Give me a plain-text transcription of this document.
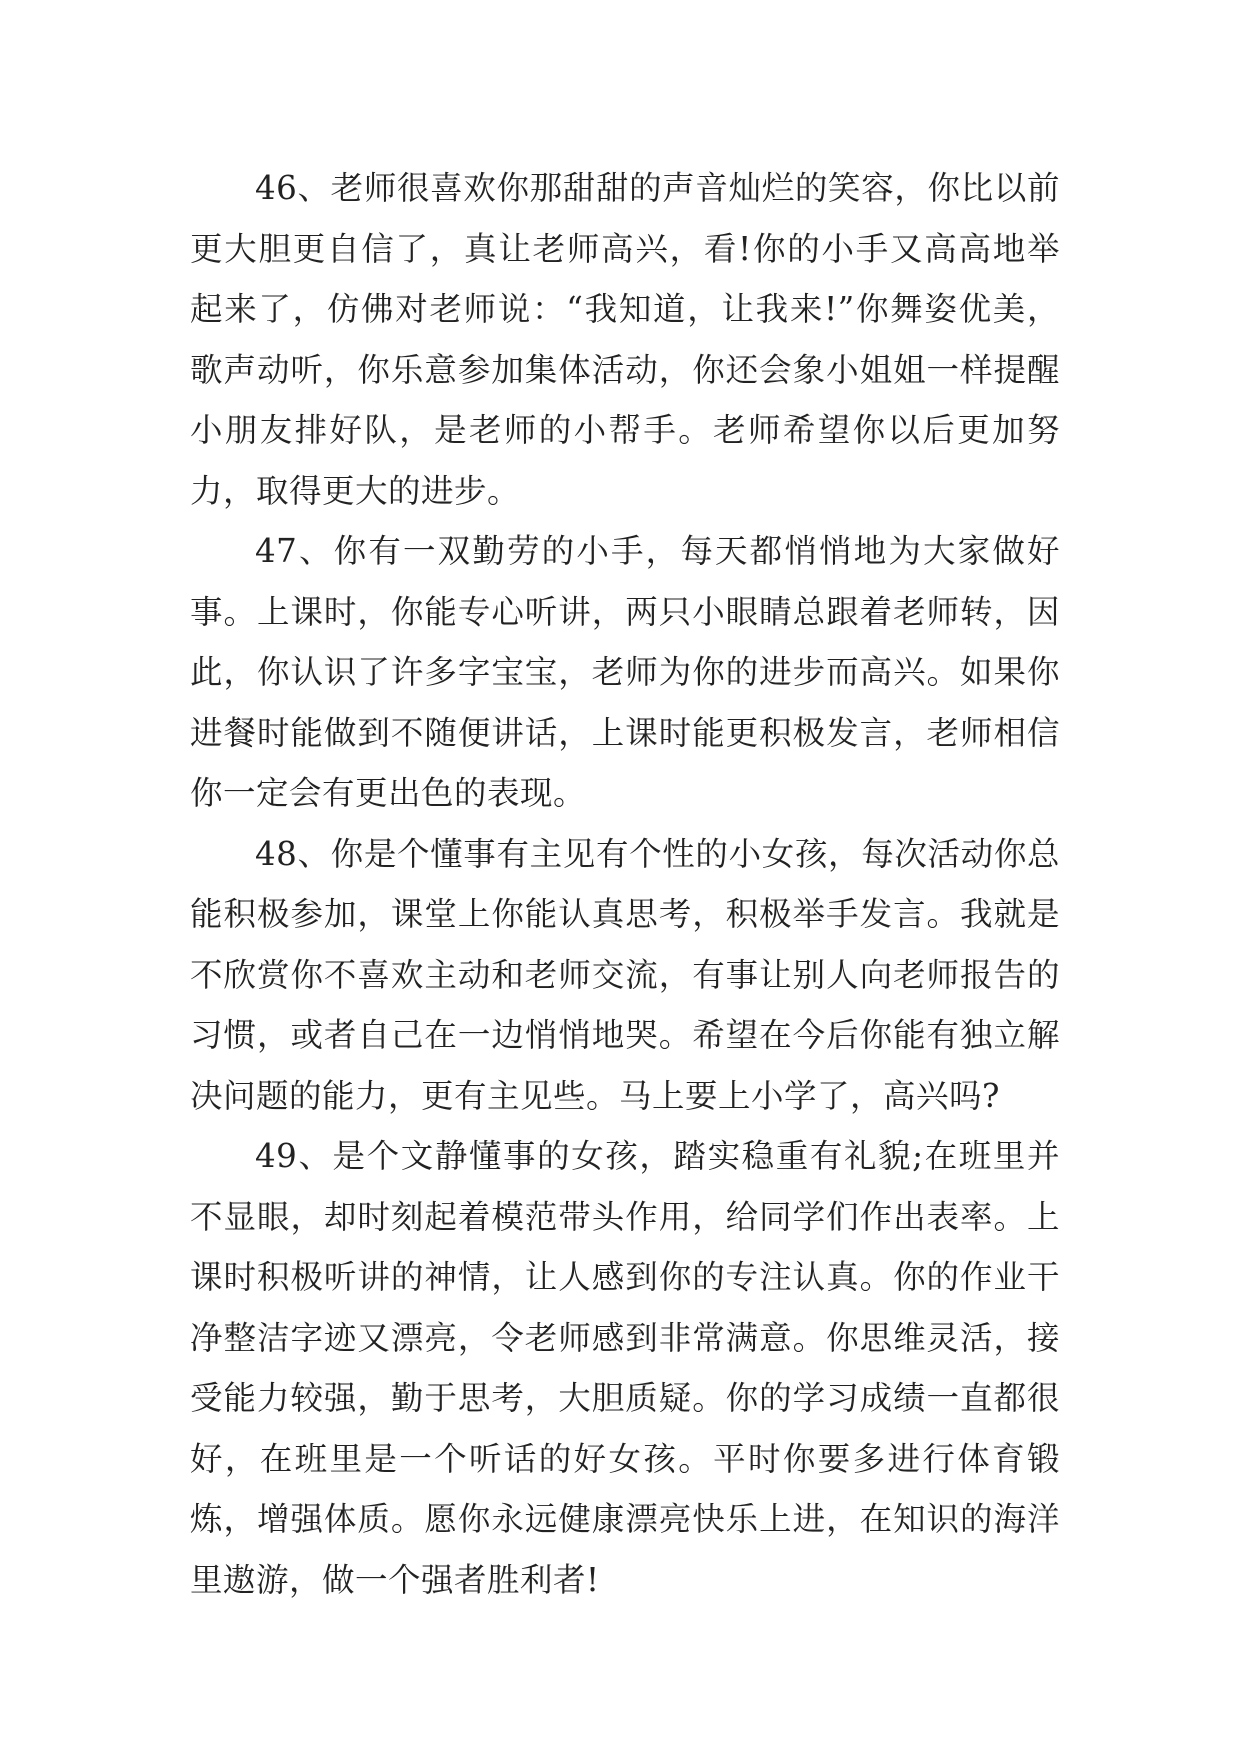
46、老师很喜欢你那甜甜的声音灿烂的笑容，你比以前更大胆更自信了，真让老师高兴，看!你的小手又高高地举起来了，仿佛对老师说：“我知道，让我来!”你舞姿优美，歌声动听，你乐意参加集体活动，你还会象小姐姐一样提醒小朋友排好队，是老师的小帮手。老师希望你以后更加努力，取得更大的进步。

47、你有一双勤劳的小手，每天都悄悄地为大家做好事。上课时，你能专心听讲，两只小眼睛总跟着老师转，因此，你认识了许多字宝宝，老师为你的进步而高兴。如果你进餐时能做到不随便讲话，上课时能更积极发言，老师相信你一定会有更出色的表现。

48、你是个懂事有主见有个性的小女孩，每次活动你总能积极参加，课堂上你能认真思考，积极举手发言。我就是不欣赏你不喜欢主动和老师交流，有事让别人向老师报告的习惯，或者自己在一边悄悄地哭。希望在今后你能有独立解决问题的能力，更有主见些。马上要上小学了，高兴吗?

49、是个文静懂事的女孩，踏实稳重有礼貌;在班里并不显眼，却时刻起着模范带头作用，给同学们作出表率。上课时积极听讲的神情，让人感到你的专注认真。你的作业干净整洁字迹又漂亮，令老师感到非常满意。你思维灵活，接受能力较强，勤于思考，大胆质疑。你的学习成绩一直都很好，在班里是一个听话的好女孩。平时你要多进行体育锻炼，增强体质。愿你永远健康漂亮快乐上进，在知识的海洋里遨游，做一个强者胜利者!
